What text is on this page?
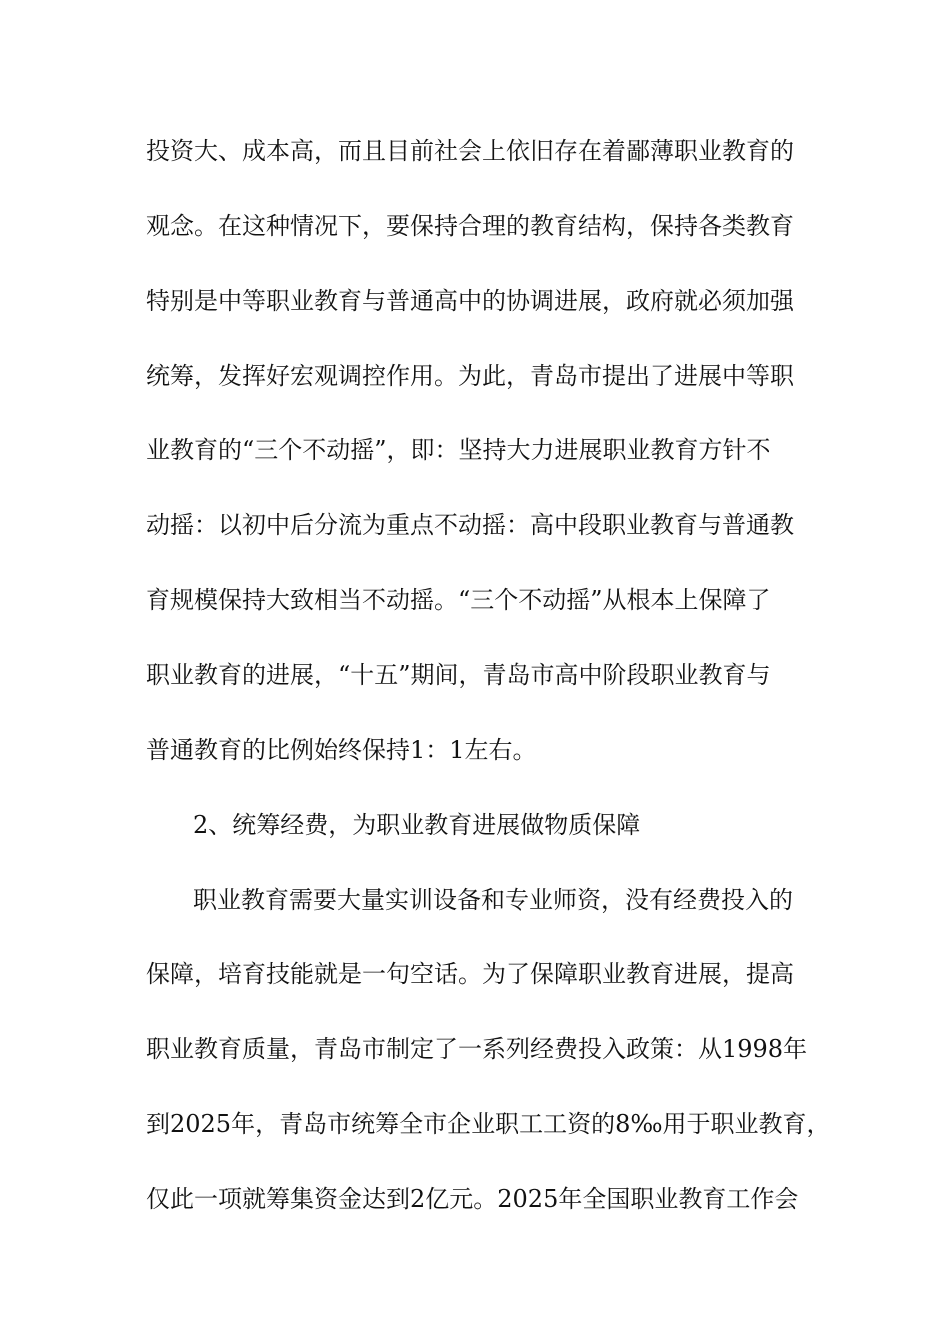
投资大、成本高，而且目前社会上依旧存在着鄙薄职业教育的
观念。在这种情况下，要保持合理的教育结构，保持各类教育
特别是中等职业教育与普通高中的协调进展，政府就必须加强
统筹，发挥好宏观调控作用。为此，青岛市提出了进展中等职
业教育的“三个不动摇”，即：坚持大力进展职业教育方针不
动摇：以初中后分流为重点不动摇：高中段职业教育与普通教
育规模保持大致相当不动摇。“三个不动摇”从根本上保障了
职业教育的进展，“十五”期间，青岛市高中阶段职业教育与
普通教育的比例始终保持1：1左右。
2、统筹经费，为职业教育进展做物质保障
职业教育需要大量实训设备和专业师资，没有经费投入的
保障，培育技能就是一句空话。为了保障职业教育进展，提高
职业教育质量，青岛市制定了一系列经费投入政策：从1998年
到2025年，青岛市统筹全市企业职工工资的8‰用于职业教育，
仅此一项就筹集资金达到2亿元。2025年全国职业教育工作会
